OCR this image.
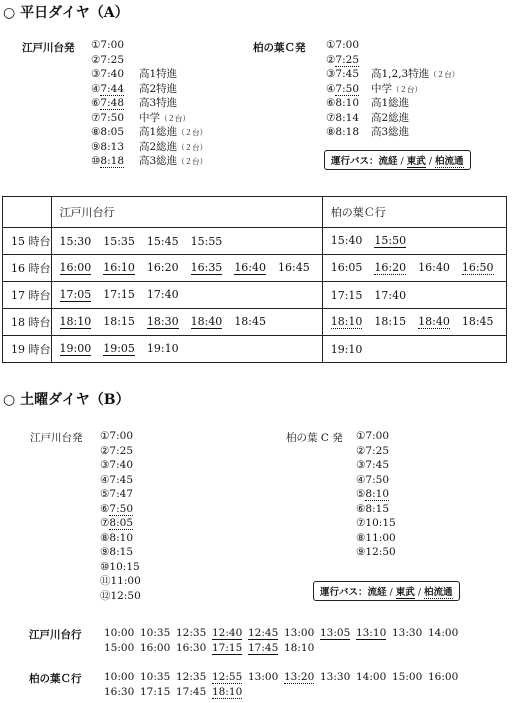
○ 平日ダイヤ（A）
江戸川台発 ①7:00
②7:25
③7:40 高1特進
④7:44 高2特進
⑥7:48 高3特進
⑦7:50 中学（２台）
⑧8:05 高1総進（２台）
⑨8:13 高2総進（２台）
⑩8:18 高3総進（２台）
柏の葉Ｃ発 ①7:00
②7:25
③7:45 高1,2,3特進（２台）
④7:50 中学（２台）
⑥8:10 高1総進
⑦8:14 高2総進
⑧8:18 高3総進
運行バス：流経 / 東武 / 柏流通
	江戸川台行	柏の葉Ｃ行
15 時台	15:30 15:35 15:45 15:55	15:40 15:50
16 時台	16:00 16:10 16:20 16:35 16:40 16:45	16:05 16:20 16:40 16:50
17 時台	17:05 17:15 17:40	17:15 17:40
18 時台	18:10 18:15 18:30 18:40 18:45	18:10 18:15 18:40 18:45
19 時台	19:00 19:05 19:10	19:10
○ 土曜ダイヤ（B）
江戸川台発 ①7:00
②7:25
③7:40
④7:45
⑤7:47
⑥7:50
⑦8:05
⑧8:10
⑨8:15
⑩10:15
⑪11:00
⑫12:50
柏の葉 C 発 ①7:00
②7:25
③7:45
④7:50
⑤8:10
⑥8:15
⑦10:15
⑧11:00
⑨12:50
運行バス：流経 / 東武 / 柏流通
江戸川台行 10:00 10:35 12:35 12:40 12:45 13:00 13:05 13:10 13:30 14:00
15:00 16:00 16:30 17:15 17:45 18:10
柏の葉Ｃ行 10:00 10:35 12:35 12:55 13:00 13:20 13:30 14:00 15:00 16:00
16:30 17:15 17:45 18:10
